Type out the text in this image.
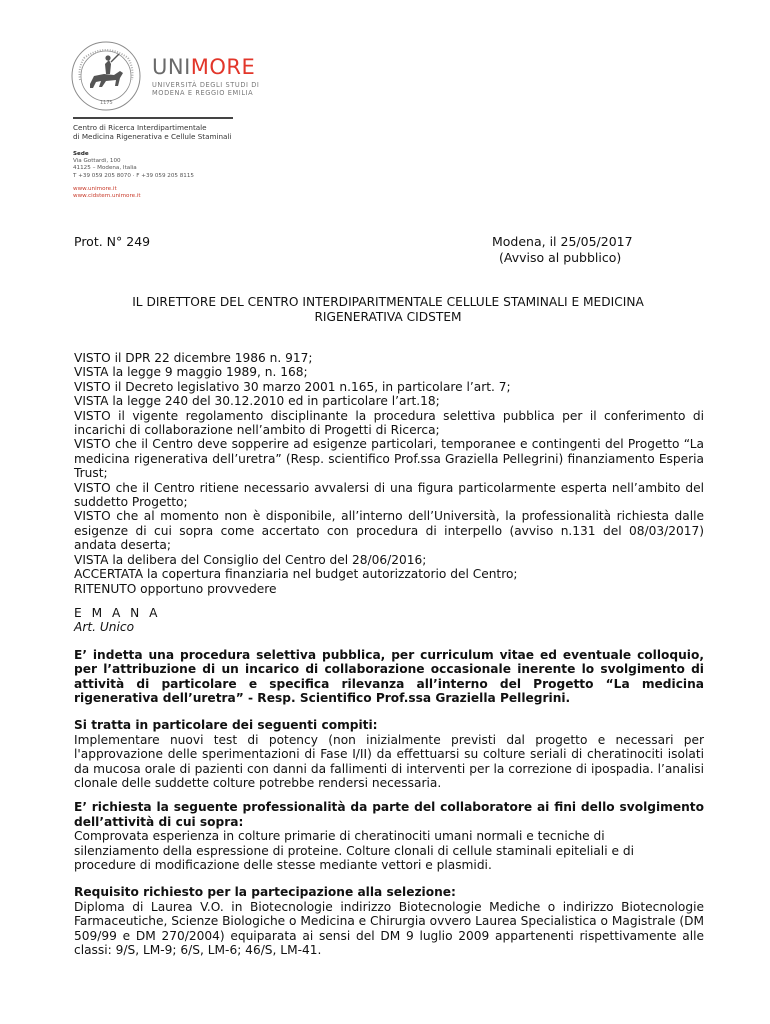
1175
UNIMORE
UNIVERSITÀ DEGLI STUDI DI
MODENA E REGGIO EMILIA
Centro di Ricerca Interdipartimentale
di Medicina Rigenerativa e Cellule Staminali
Sede
Via Gottardi, 100
41125 – Modena, Italia
T +39 059 205 8070 · F +39 059 205 8115
www.unimore.it
www.cidstem.unimore.it
Prot. N° 249	Modena, il 25/05/2017
(Avviso al pubblico)
IL DIRETTORE DEL CENTRO INTERDIPARITMENTALE CELLULE STAMINALI E MEDICINA
RIGENERATIVA CIDSTEM

VISTO il DPR 22 dicembre 1986 n. 917;

VISTA la legge 9 maggio 1989, n. 168;

VISTO il Decreto legislativo 30 marzo 2001 n.165, in particolare l’art. 7;

VISTA la legge 240 del 30.12.2010 ed in particolare l’art.18;

VISTO il vigente regolamento disciplinante la procedura selettiva pubblica per il conferimento di incarichi di collaborazione nell’ambito di Progetti di Ricerca;

VISTO che il Centro deve sopperire ad esigenze particolari, temporanee e contingenti del Progetto “La medicina rigenerativa dell’uretra” (Resp. scientifico Prof.ssa Graziella Pellegrini) finanziamento Esperia Trust;

VISTO che il Centro ritiene necessario avvalersi di una figura particolarmente esperta nell’ambito del suddetto Progetto;

VISTO che al momento non è disponibile, all’interno dell’Università, la professionalità richiesta dalle esigenze di cui sopra come accertato con procedura di interpello (avviso n.131 del 08/03/2017) andata deserta;

VISTA la delibera del Consiglio del Centro del 28/06/2016;

ACCERTATA la copertura finanziaria nel budget autorizzatorio del Centro;

RITENUTO opportuno provvedere

E M A N A

Art. Unico

E’ indetta una procedura selettiva pubblica, per curriculum vitae ed eventuale colloquio, per l’attribuzione di un incarico di collaborazione occasionale inerente lo svolgimento di attività di particolare e specifica rilevanza all’interno del Progetto “La medicina rigenerativa dell’uretra” - Resp. Scientifico Prof.ssa Graziella Pellegrini.

Si tratta in particolare dei seguenti compiti:

Implementare nuovi test di potency (non inizialmente previsti dal progetto e necessari per l'approvazione delle sperimentazioni di Fase I/II) da effettuarsi su colture seriali di cheratinociti isolati da mucosa orale di pazienti con danni da fallimenti di interventi per la correzione di ipospadia. l’analisi clonale delle suddette colture potrebbe rendersi necessaria.

E’ richiesta la seguente professionalità da parte del collaboratore ai fini dello svolgimento dell’attività di cui sopra:

Comprovata esperienza in colture primarie di cheratinociti umani normali e tecniche di

silenziamento della espressione di proteine. Colture clonali di cellule staminali epiteliali e di

procedure di modificazione delle stesse mediante vettori e plasmidi.

Requisito richiesto per la partecipazione alla selezione:

Diploma di Laurea V.O. in Biotecnologie indirizzo Biotecnologie Mediche o indirizzo Biotecnologie Farmaceutiche, Scienze Biologiche o Medicina e Chirurgia ovvero Laurea Specialistica o Magistrale (DM 509/99 e DM 270/2004) equiparata ai sensi del DM 9 luglio 2009 appartenenti rispettivamente alle classi: 9/S, LM-9; 6/S, LM-6; 46/S, LM-41.
